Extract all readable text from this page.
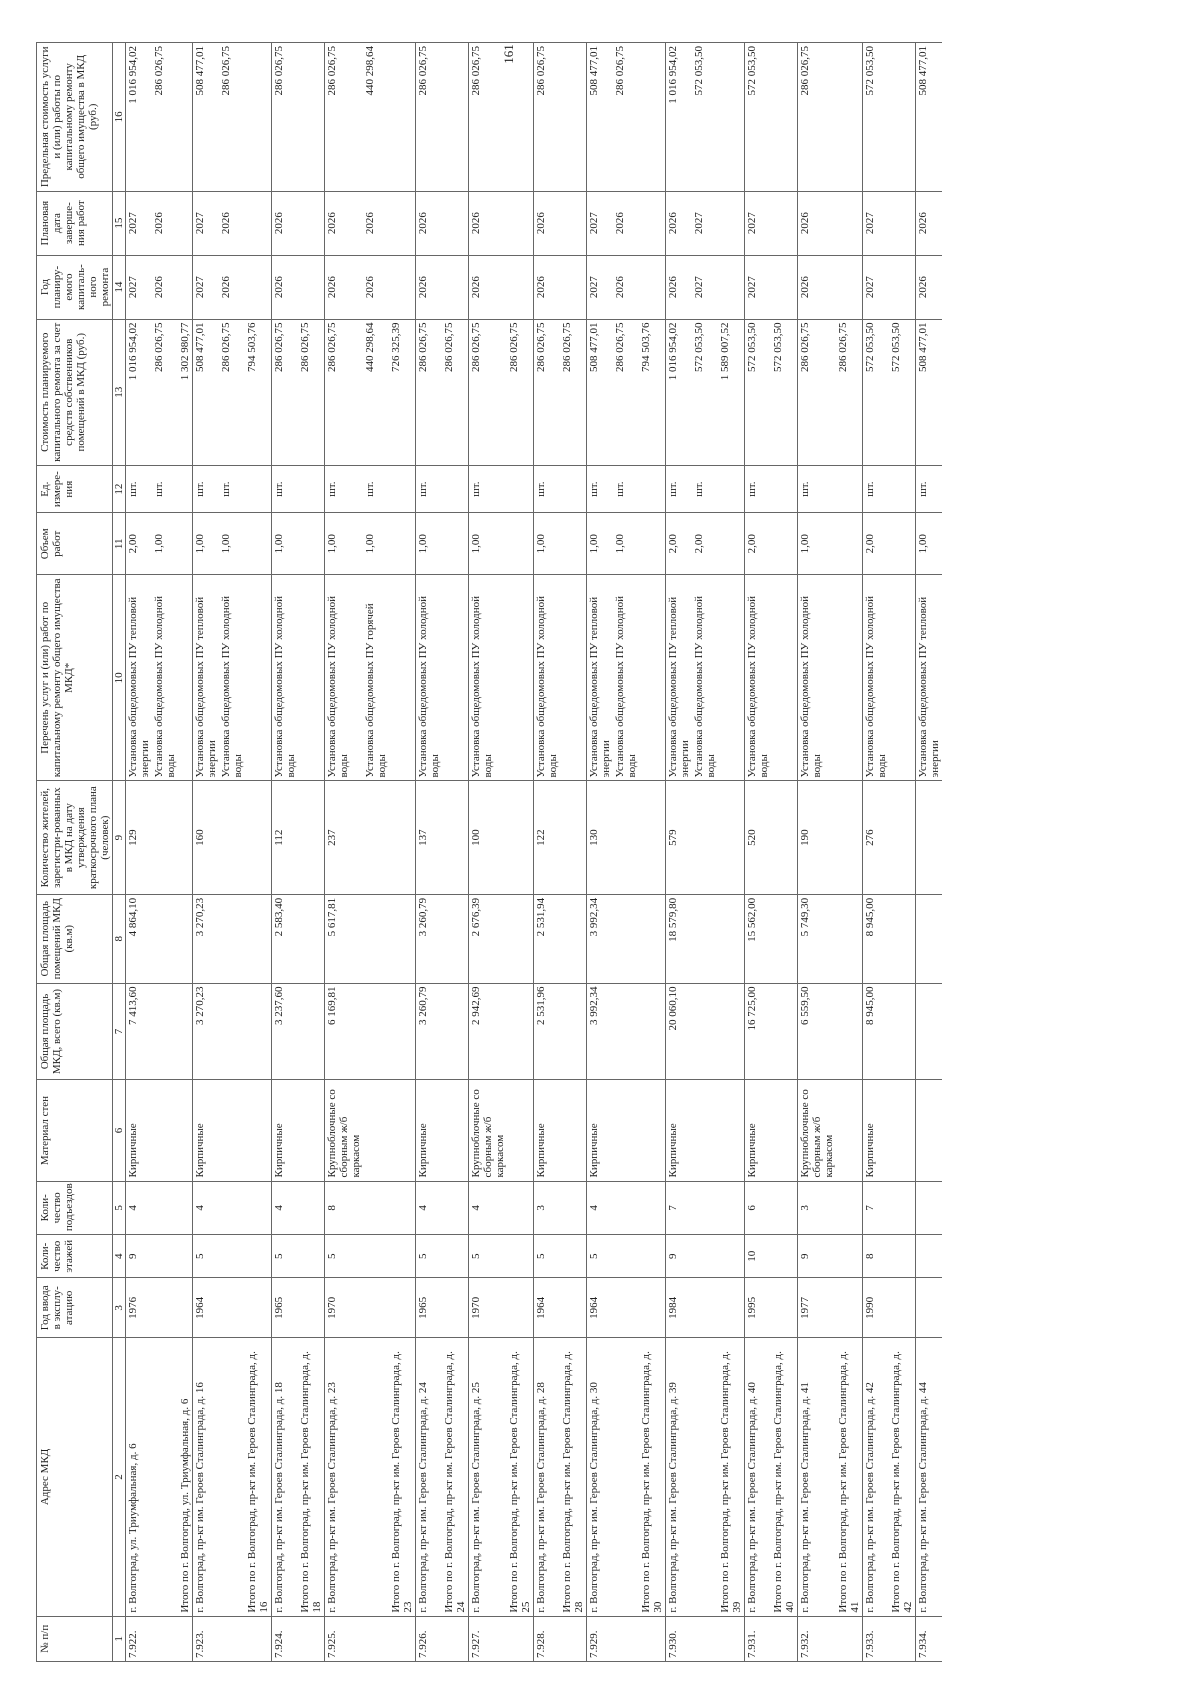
161
№ п/п	Адрес МКД	Год ввода в эксплу-атацию	Коли-чество этажей	Коли-чество подъездов	Материал стен	Общая площадь МКД, всего (кв.м)	Общая площадь помещений МКД (кв.м)	Количество жителей, зарегистри-рованных в МКД на дату утверждения краткосрочного плана (человек)	Перечень услуг и (или) работ по капитальному ремонту общего имущества МКД*	Объем работ	Ед. измере-ния	Стоимость планируемого капитального ремонта за счет средств собственников помещений в МКД (руб.)	Год планиру-емого капиталь-ного ремонта	Плановая дата заверше-ния работ	Предельная стоимость услуги и (или) работы по капитальному ремонту общего имущества в МКД (руб.)
1	2	3	4	5	6	7	8	9	10	11	12	13	14	15	16
7.922.	г. Волгоград, ул. Триумфальная, д. 6	1976	9	4	Кирпичные	7 413,60	4 864,10	129	Установка общедомовых ПУ тепловой энергии	2,00	шт.	1 016 954,02	2027	2027	1 016 954,02
									Установка общедомовых ПУ холодной воды	1,00	шт.	286 026,75	2026	2026	286 026,75
	Итого по г. Волгоград, ул. Триумфальная, д. 6											1 302 980,77			
7.923.	г. Волгоград, пр-кт им. Героев Сталинграда, д. 16	1964	5	4	Кирпичные	3 270,23	3 270,23	160	Установка общедомовых ПУ тепловой энергии	1,00	шт.	508 477,01	2027	2027	508 477,01
									Установка общедомовых ПУ холодной воды	1,00	шт.	286 026,75	2026	2026	286 026,75
	Итого по г. Волгоград, пр-кт им. Героев Сталинграда, д. 16											794 503,76			
7.924.	г. Волгоград, пр-кт им. Героев Сталинграда, д. 18	1965	5	4	Кирпичные	3 237,60	2 583,40	112	Установка общедомовых ПУ холодной воды	1,00	шт.	286 026,75	2026	2026	286 026,75
	Итого по г. Волгоград, пр-кт им. Героев Сталинграда, д. 18											286 026,75			
7.925.	г. Волгоград, пр-кт им. Героев Сталинграда, д. 23	1970	5	8	Крупноблочные со сборным ж/б каркасом	6 169,81	5 617,81	237	Установка общедомовых ПУ холодной воды	1,00	шт.	286 026,75	2026	2026	286 026,75
									Установка общедомовых ПУ горячей воды	1,00	шт.	440 298,64	2026	2026	440 298,64
	Итого по г. Волгоград, пр-кт им. Героев Сталинграда, д. 23											726 325,39			
7.926.	г. Волгоград, пр-кт им. Героев Сталинграда, д. 24	1965	5	4	Кирпичные	3 260,79	3 260,79	137	Установка общедомовых ПУ холодной воды	1,00	шт.	286 026,75	2026	2026	286 026,75
	Итого по г. Волгоград, пр-кт им. Героев Сталинграда, д. 24											286 026,75			
7.927.	г. Волгоград, пр-кт им. Героев Сталинграда, д. 25	1970	5	4	Крупноблочные со сборным ж/б каркасом	2 942,69	2 676,39	100	Установка общедомовых ПУ холодной воды	1,00	шт.	286 026,75	2026	2026	286 026,75
	Итого по г. Волгоград, пр-кт им. Героев Сталинграда, д. 25											286 026,75			
7.928.	г. Волгоград, пр-кт им. Героев Сталинграда, д. 28	1964	5	3	Кирпичные	2 531,96	2 531,94	122	Установка общедомовых ПУ холодной воды	1,00	шт.	286 026,75	2026	2026	286 026,75
	Итого по г. Волгоград, пр-кт им. Героев Сталинграда, д. 28											286 026,75			
7.929.	г. Волгоград, пр-кт им. Героев Сталинграда, д. 30	1964	5	4	Кирпичные	3 992,34	3 992,34	130	Установка общедомовых ПУ тепловой энергии	1,00	шт.	508 477,01	2027	2027	508 477,01
									Установка общедомовых ПУ холодной воды	1,00	шт.	286 026,75	2026	2026	286 026,75
	Итого по г. Волгоград, пр-кт им. Героев Сталинграда, д. 30											794 503,76			
7.930.	г. Волгоград, пр-кт им. Героев Сталинграда, д. 39	1984	9	7	Кирпичные	20 060,10	18 579,80	579	Установка общедомовых ПУ тепловой энергии	2,00	шт.	1 016 954,02	2026	2026	1 016 954,02
									Установка общедомовых ПУ холодной воды	2,00	шт.	572 053,50	2027	2027	572 053,50
	Итого по г. Волгоград, пр-кт им. Героев Сталинграда, д. 39											1 589 007,52			
7.931.	г. Волгоград, пр-кт им. Героев Сталинграда, д. 40	1995	10	6	Кирпичные	16 725,00	15 562,00	520	Установка общедомовых ПУ холодной воды	2,00	шт.	572 053,50	2027	2027	572 053,50
	Итого по г. Волгоград, пр-кт им. Героев Сталинграда, д. 40											572 053,50			
7.932.	г. Волгоград, пр-кт им. Героев Сталинграда, д. 41	1977	9	3	Крупноблочные со сборным ж/б каркасом	6 559,50	5 749,30	190	Установка общедомовых ПУ холодной воды	1,00	шт.	286 026,75	2026	2026	286 026,75
	Итого по г. Волгоград, пр-кт им. Героев Сталинграда, д. 41											286 026,75			
7.933.	г. Волгоград, пр-кт им. Героев Сталинграда, д. 42	1990	8	7	Кирпичные	8 945,00	8 945,00	276	Установка общедомовых ПУ холодной воды	2,00	шт.	572 053,50	2027	2027	572 053,50
	Итого по г. Волгоград, пр-кт им. Героев Сталинграда, д. 42											572 053,50			
7.934.	г. Волгоград, пр-кт им. Героев Сталинграда, д. 44								Установка общедомовых ПУ тепловой энергии	1,00	шт.	508 477,01	2026	2026	508 477,01
